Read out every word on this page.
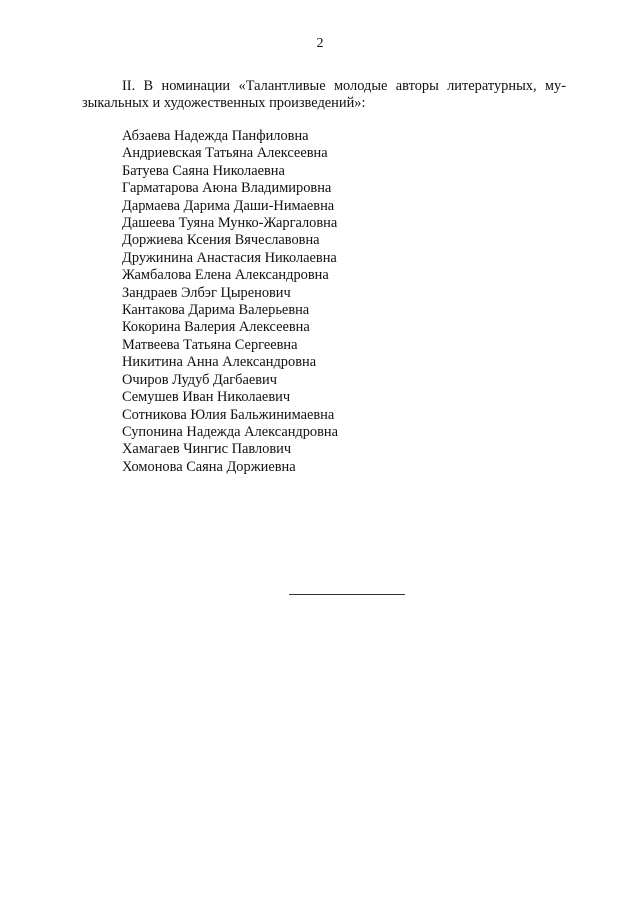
2
II. В номинации «Талантливые молодые авторы литературных, му-
зыкальных и художественных произведений»:
Абзаева Надежда Панфиловна
Андриевская Татьяна Алексеевна
Батуева Саяна Николаевна
Гарматарова Аюна Владимировна
Дармаева Дарима Даши-Нимаевна
Дашеева Туяна Мунко-Жаргаловна
Доржиева Ксения Вячеславовна
Дружинина Анастасия Николаевна
Жамбалова Елена Александровна
Зандраев Элбэг Цыренович
Кантакова Дарима Валерьевна
Кокорина Валерия Алексеевна
Матвеева Татьяна Сергеевна
Никитина Анна Александровна
Очиров Лудуб Дагбаевич
Семушев Иван Николаевич
Сотникова Юлия Бальжинимаевна
Супонина Надежда Александровна
Хамагаев Чингис Павлович
Хомонова Саяна Доржиевна
